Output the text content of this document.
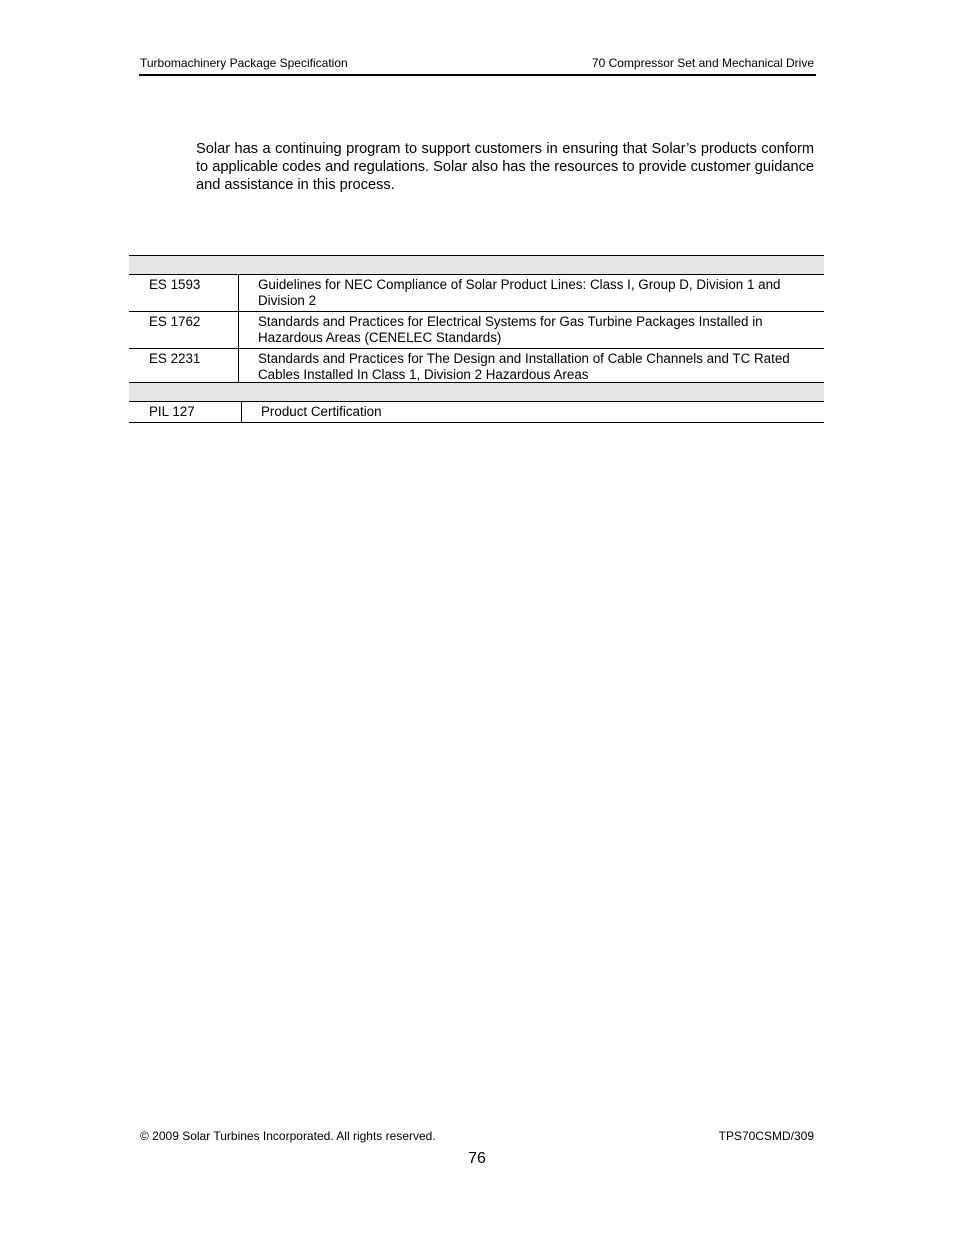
Turbomachinery Package Specification	70 Compressor Set and Mechanical Drive

Solar has a continuing program to support customers in ensuring that Solar’s products conform to applicable codes and regulations. Solar also has the resources to provide customer guidance and assistance in this process.

ES 1593	Guidelines for NEC Compliance of Solar Product Lines: Class I, Group D, Division 1 and Division 2
ES 1762	Standards and Practices for Electrical Systems for Gas Turbine Packages Installed in Hazardous Areas (CENELEC Standards)
ES 2231	Standards and Practices for The Design and Installation of Cable Channels and TC Rated Cables Installed In Class 1, Division 2 Hazardous Areas

PIL 127	Product Certification
© 2009 Solar Turbines Incorporated. All rights reserved.	TPS70CSMD/309
76
